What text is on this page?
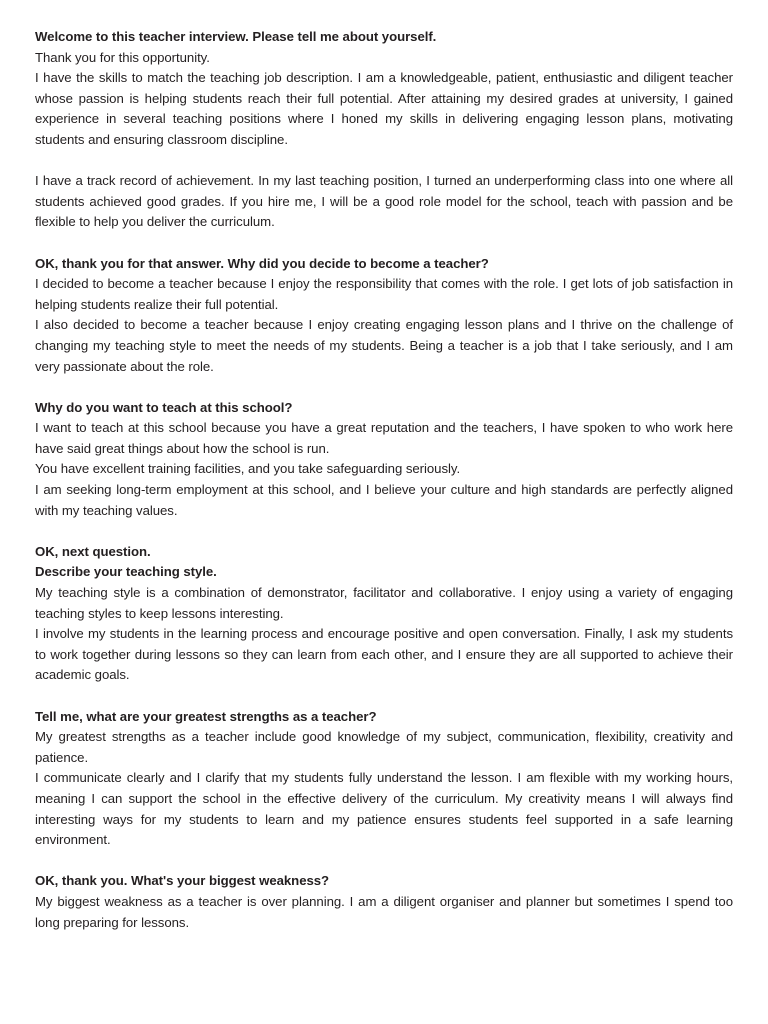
Welcome to this teacher interview. Please tell me about yourself.

Thank you for this opportunity.

I have the skills to match the teaching job description. I am a knowledgeable, patient, enthusiastic and diligent teacher whose passion is helping students reach their full potential. After attaining my desired grades at university, I gained experience in several teaching positions where I honed my skills in delivering engaging lesson plans, motivating students and ensuring classroom discipline.

I have a track record of achievement. In my last teaching position, I turned an underperforming class into one where all students achieved good grades. If you hire me, I will be a good role model for the school, teach with passion and be flexible to help you deliver the curriculum.

OK, thank you for that answer. Why did you decide to become a teacher?

I decided to become a teacher because I enjoy the responsibility that comes with the role. I get lots of job satisfaction in helping students realize their full potential.

I also decided to become a teacher because I enjoy creating engaging lesson plans and I thrive on the challenge of changing my teaching style to meet the needs of my students. Being a teacher is a job that I take seriously, and I am very passionate about the role.

Why do you want to teach at this school?

I want to teach at this school because you have a great reputation and the teachers, I have spoken to who work here have said great things about how the school is run.

You have excellent training facilities, and you take safeguarding seriously.

I am seeking long-term employment at this school, and I believe your culture and high standards are perfectly aligned with my teaching values.

OK, next question.

Describe your teaching style.

My teaching style is a combination of demonstrator, facilitator and collaborative. I enjoy using a variety of engaging teaching styles to keep lessons interesting.

I involve my students in the learning process and encourage positive and open conversation. Finally, I ask my students to work together during lessons so they can learn from each other, and I ensure they are all supported to achieve their academic goals.

Tell me, what are your greatest strengths as a teacher?

My greatest strengths as a teacher include good knowledge of my subject, communication, flexibility, creativity and patience.

I communicate clearly and I clarify that my students fully understand the lesson. I am flexible with my working hours, meaning I can support the school in the effective delivery of the curriculum. My creativity means I will always find interesting ways for my students to learn and my patience ensures students feel supported in a safe learning environment.

OK, thank you. What's your biggest weakness?

My biggest weakness as a teacher is over planning. I am a diligent organiser and planner but sometimes I spend too long preparing for lessons.
